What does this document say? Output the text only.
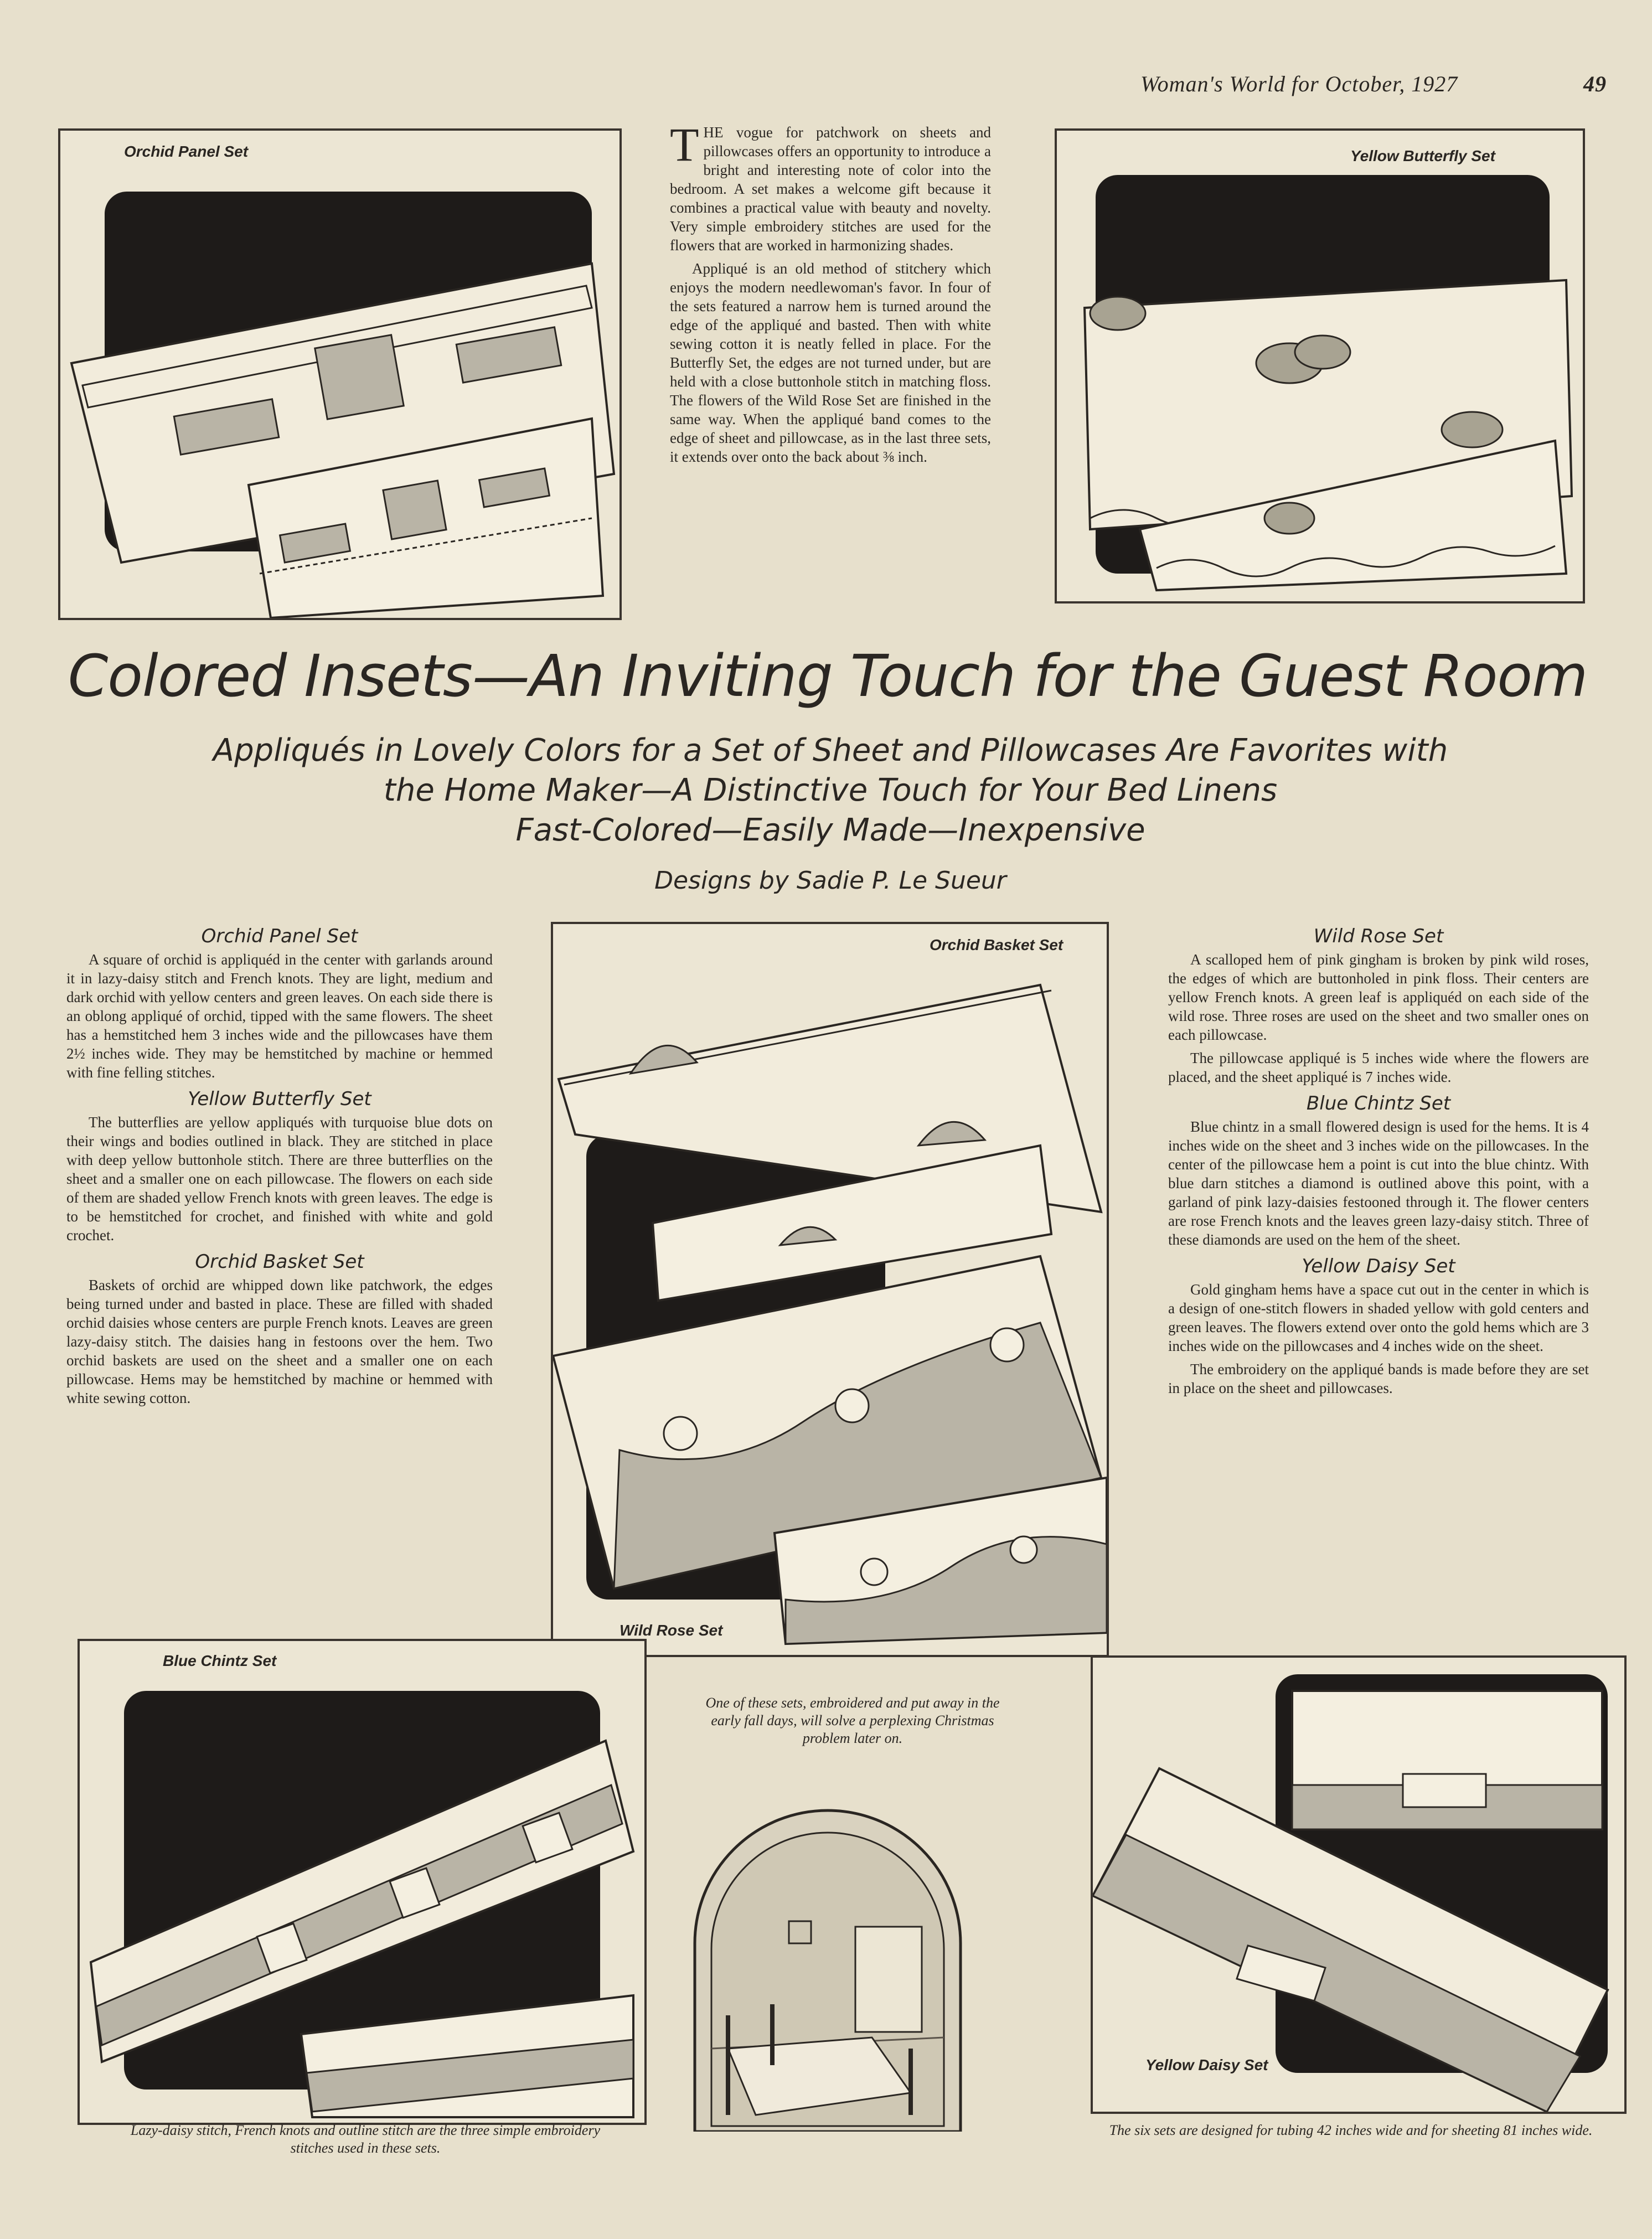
Woman's World for October, 1927	49
Orchid Panel Set	THE vogue for patchwork on sheets and pillowcases offers an opportunity to introduce a bright and interesting note of color into the bedroom. A set makes a welcome gift because it combines a practical value with beauty and novelty. Very simple embroidery stitches are used for the flowers that are worked in harmonizing shades.

Appliqué is an old method of stitchery which enjoys the modern needlewoman's favor. In four of the sets featured a narrow hem is turned around the edge of the appliqué and basted. Then with white sewing cotton it is neatly felled in place. For the Butterfly Set, the edges are not turned under, but are held with a close buttonhole stitch in matching floss. The flowers of the Wild Rose Set are finished in the same way. When the appliqué band comes to the edge of sheet and pillowcase, as in the last three sets, it extends over onto the back about ⅜ inch.

Yellow Butterfly Set
Colored Insets—An Inviting Touch for the Guest Room
Appliqués in Lovely Colors for a Set of Sheet and Pillowcases Are Favorites with
the Home Maker—A Distinctive Touch for Your Bed Linens
Fast-Colored—Easily Made—Inexpensive
Designs by Sadie P. Le Sueur
Orchid Panel Set

A square of orchid is appliquéd in the center with garlands around it in lazy-daisy stitch and French knots. They are light, medium and dark orchid with yellow centers and green leaves. On each side there is an oblong appliqué of orchid, tipped with the same flowers. The sheet has a hemstitched hem 3 inches wide and the pillowcases have them 2½ inches wide. They may be hemstitched by machine or hemmed with fine felling stitches.

Yellow Butterfly Set

The butterflies are yellow appliqués with turquoise blue dots on their wings and bodies outlined in black. They are stitched in place with deep yellow buttonhole stitch. There are three butterflies on the sheet and a smaller one on each pillowcase. The flowers on each side of them are shaded yellow French knots with green leaves. The edge is to be hemstitched for crochet, and finished with white and gold crochet.

Orchid Basket Set

Baskets of orchid are whipped down like patchwork, the edges being turned under and basted in place. These are filled with shaded orchid daisies whose centers are purple French knots. Leaves are green lazy-daisy stitch. The daisies hang in festoons over the hem. Two orchid baskets are used on the sheet and a smaller one on each pillowcase. Hems may be hemstitched by machine or hemmed with white sewing cotton.

Orchid Basket Set
Wild Rose Set
Wild Rose Set

A scalloped hem of pink gingham is broken by pink wild roses, the edges of which are buttonholed in pink floss. Their centers are yellow French knots. A green leaf is appliquéd on each side of the wild rose. Three roses are used on the sheet and two smaller ones on each pillowcase.

The pillowcase appliqué is 5 inches wide where the flowers are placed, and the sheet appliqué is 7 inches wide.

Blue Chintz Set

Blue chintz in a small flowered design is used for the hems. It is 4 inches wide on the sheet and 3 inches wide on the pillowcases. In the center of the pillowcase hem a point is cut into the blue chintz. With blue darn stitches a diamond is outlined above this point, with a garland of pink lazy-daisies festooned through it. The flower centers are rose French knots and the leaves green lazy-daisy stitch. Three of these diamonds are used on the hem of the sheet.

Yellow Daisy Set

Gold gingham hems have a space cut out in the center in which is a design of one-stitch flowers in shaded yellow with gold centers and green leaves. The flowers extend over onto the gold hems which are 3 inches wide on the pillowcases and 4 inches wide on the sheet.

The embroidery on the appliqué bands is made before they are set in place on the sheet and pillowcases.

Blue Chintz Set
One of these sets, embroidered and put away in the early fall days, will solve a perplexing Christmas problem later on.
Yellow Daisy Set
Lazy-daisy stitch, French knots and outline stitch are the three simple embroidery stitches used in these sets.
The six sets are designed for tubing 42 inches wide and for sheeting 81 inches wide.
